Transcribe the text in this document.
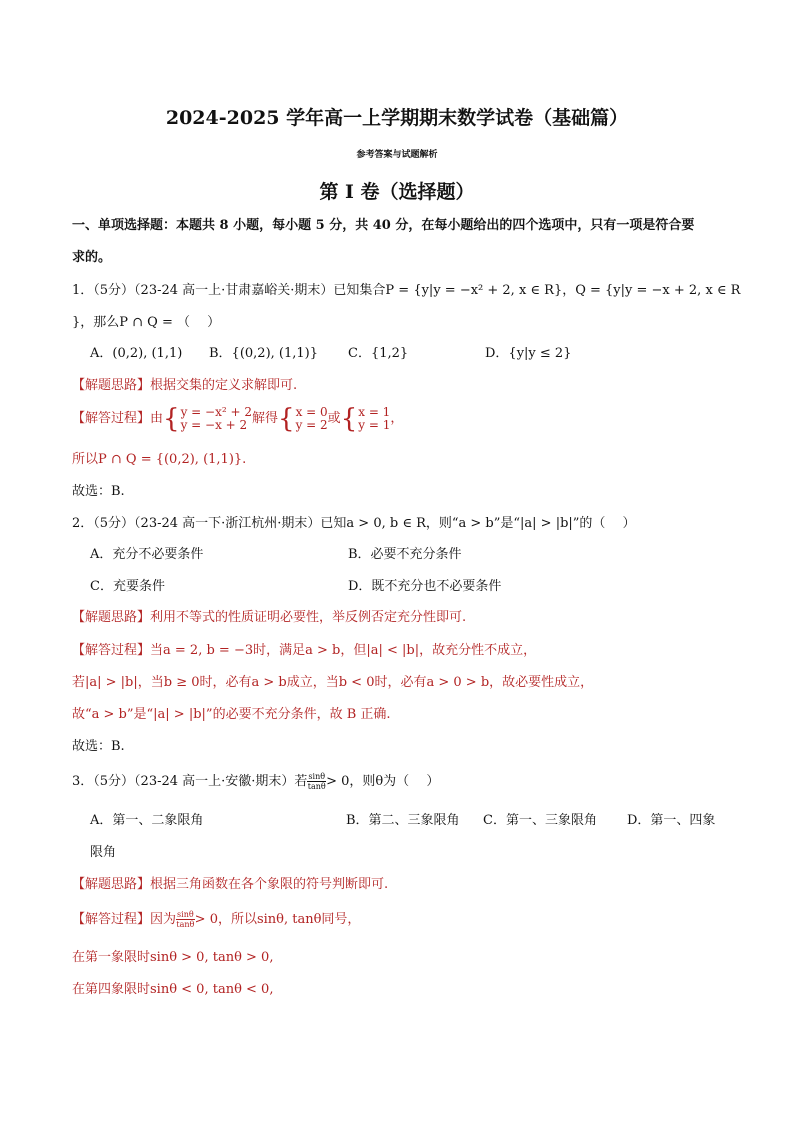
2024-2025 学年高一上学期期末数学试卷（基础篇）
参考答案与试题解析
第 I 卷（选择题）
一、单项选择题：本题共 8 小题，每小题 5 分，共 40 分，在每小题给出的四个选项中，只有一项是符合要
求的。
1．（5分）（23-24 高一上·甘肃嘉峪关·期末）已知集合P = {y|y = −x² + 2, x ∈ R}，Q = {y|y = −x + 2, x ∈ R
}，那么P ∩ Q = （　 ）
A．(0,2), (1,1) B．{(0,2), (1,1)} C．{1,2}	D．{y|y ≤ 2}
【解题思路】根据交集的定义求解即可.
【解答过程】由{ y = −x² + 2
y = −x + 2 解得{ x = 0
y = 2 或{ x = 1
y = 1 ，
所以P ∩ Q = {(0,2), (1,1)}.
故选：B.
2．（5分）（23-24 高一下·浙江杭州·期末）已知a > 0, b ∈ R，则“a > b”是“|a| > |b|”的（　 ）
A．充分不必要条件	B．必要不充分条件
C．充要条件	D．既不充分也不必要条件
【解题思路】利用不等式的性质证明必要性，举反例否定充分性即可.
【解答过程】当a = 2, b = −3时，满足a > b，但|a| < |b|，故充分性不成立，
若|a| > |b|，当b ≥ 0时，必有a > b成立，当b < 0时，必有a > 0 > b，故必要性成立，
故“a > b”是“|a| > |b|”的必要不充分条件，故 B 正确.
故选：B.
3．（5分）（23-24 高一上·安徽·期末）若 $\frac{\sin\theta}{\tan\theta} > 0$，则θ为（　 ）
A．第一、二象限角	B．第二、三象限角 C．第一、三象限角 D．第一、四象
限角
【解题思路】根据三角函数在各个象限的符号判断即可.
【解答过程】因为 $\frac{\sin\theta}{\tan\theta} > 0$，所以sinθ, tanθ同号，
在第一象限时sinθ > 0, tanθ > 0,
在第四象限时sinθ < 0, tanθ < 0,
